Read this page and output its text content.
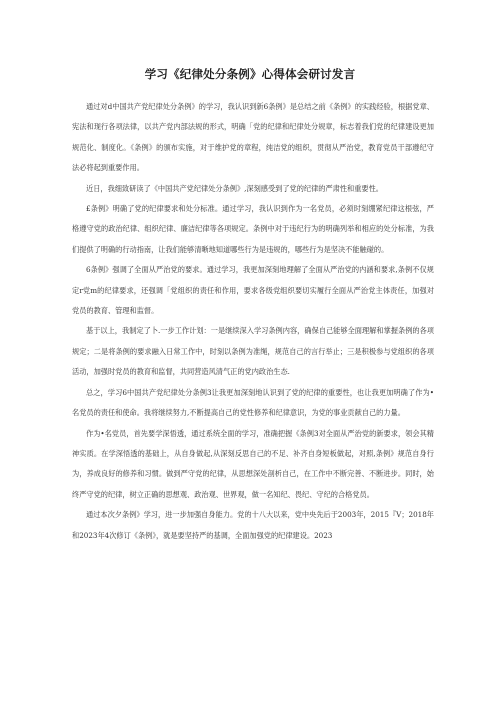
学习《纪律处分条例》心得体会研讨发言

通过对d中国共产党纪律处分条例》的学习，我认识到新6条例》是总结之前《条例》的实践经验，根据党章、宪法和现行各项法律，以共产党内部法规的形式，明确「党的纪律和纪律处分规章，标志着我们党的纪律建设更加规范化、制度化。《条例》的颁布实施，对于维护党的章程，纯洁党的组织，贯彻从严治党，教育党员干部遵纪守法必将起到重要作用。

近日，我细致研读了《中国共产党纪律处分条例》,深刻感受到了党的纪律的严肃性和重要性。

£条例》明确了党的纪律要求和处分标准。通过学习，我认识到作为一名党员，必须时刻绷紧纪律这根弦，严格遵守党的政治纪律、组织纪律、廉洁纪律等各项规定。条例中对于违纪行为的明确列举和相应的处分标准，为我们提供了明确的行动指南，让我们能够清晰地知道哪些行为是违规的，哪些行为是坚决不能触碰的。

6条例》强调了全面从严治党的要求。通过学习，我更加深刻地理解了全面从严治党的内涵和要求,条例不仅规定r党m的纪律要求，还强调「党组织的责任和作用，要求各级党组织要切实履行全面从严治党主体责任，加强对党员的教育、管理和监督。

基于以上，我制定了卜.一步工作计划：一是继续深入学习条例内容，确保自己能够全面理解和掌握条例的各项规定；二是将条例的要求融入日常工作中，时刻以条例为准绳，规范自己的言行举止；三是积极参与党组织的各项活动，加强时党员的教育和监督，共同营造风清气正的党内政治生态.

总之，学习6中国共产党纪律处分条例3让我更加深刻地认识到了党的纪律的重要性，也让我更加明确了作为•名党员的责任和使命。我将继续努力,不断提高自己的党性修养和纪律意识，为党的事业贡献自己的力量。

作为•名党员，首先要学深悟透，通过系统全面的学习，准确把握《条例3对全面从严治党的新要求，领会其精神实质。在学深悟透的基础上，从自身做起,从深刻反思自己的不足、补齐自身短板做起，对照,条例》规范自身行为，养成良好的修养和习惯。做到严守党的纪律，从思想深处剖析自己，在工作中不断完善、不断进步。同时，始终严守党的纪律，树立正确的思想观、政治观、世界观，做一名知纪、畏纪、守纪的合格党员。

通过本次夕条例》学习，进一步加强自身能力。党的十八大以来，党中央先后于2003年，2015『V；2018年和2023年4次修订《条例》，就是要坚持严的基调，全面加强党的纪律建设。2023
